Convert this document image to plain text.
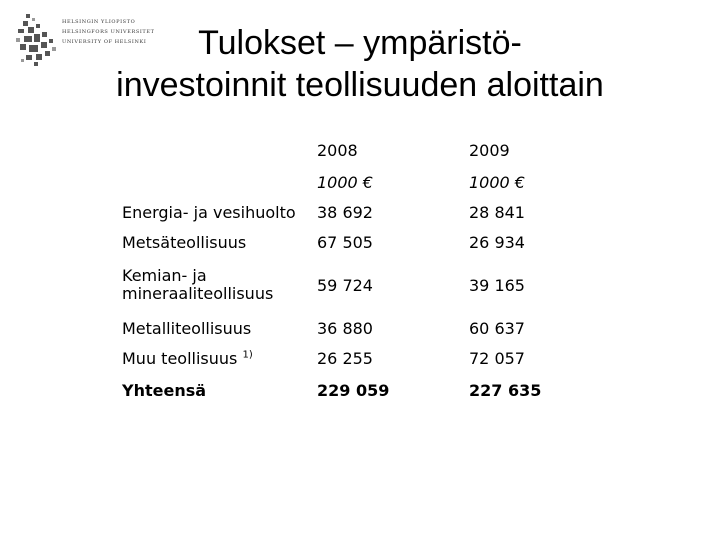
HELSINGIN YLIOPISTO
HELSINGFORS UNIVERSITET
UNIVERSITY OF HELSINKI	Tulokset – ympäristö-
investoinnit teollisuuden aloittain
	2008	2009
	1000 €	1000 €
Energia- ja vesihuolto	38 692	28 841
Metsäteollisuus	67 505	26 934
Kemian- ja
mineraaliteollisuus	59 724	39 165
Metalliteollisuus	36 880	60 637
Muu teollisuus $^{1)}$	26 255	72 057
Yhteensä	229 059	227 635
